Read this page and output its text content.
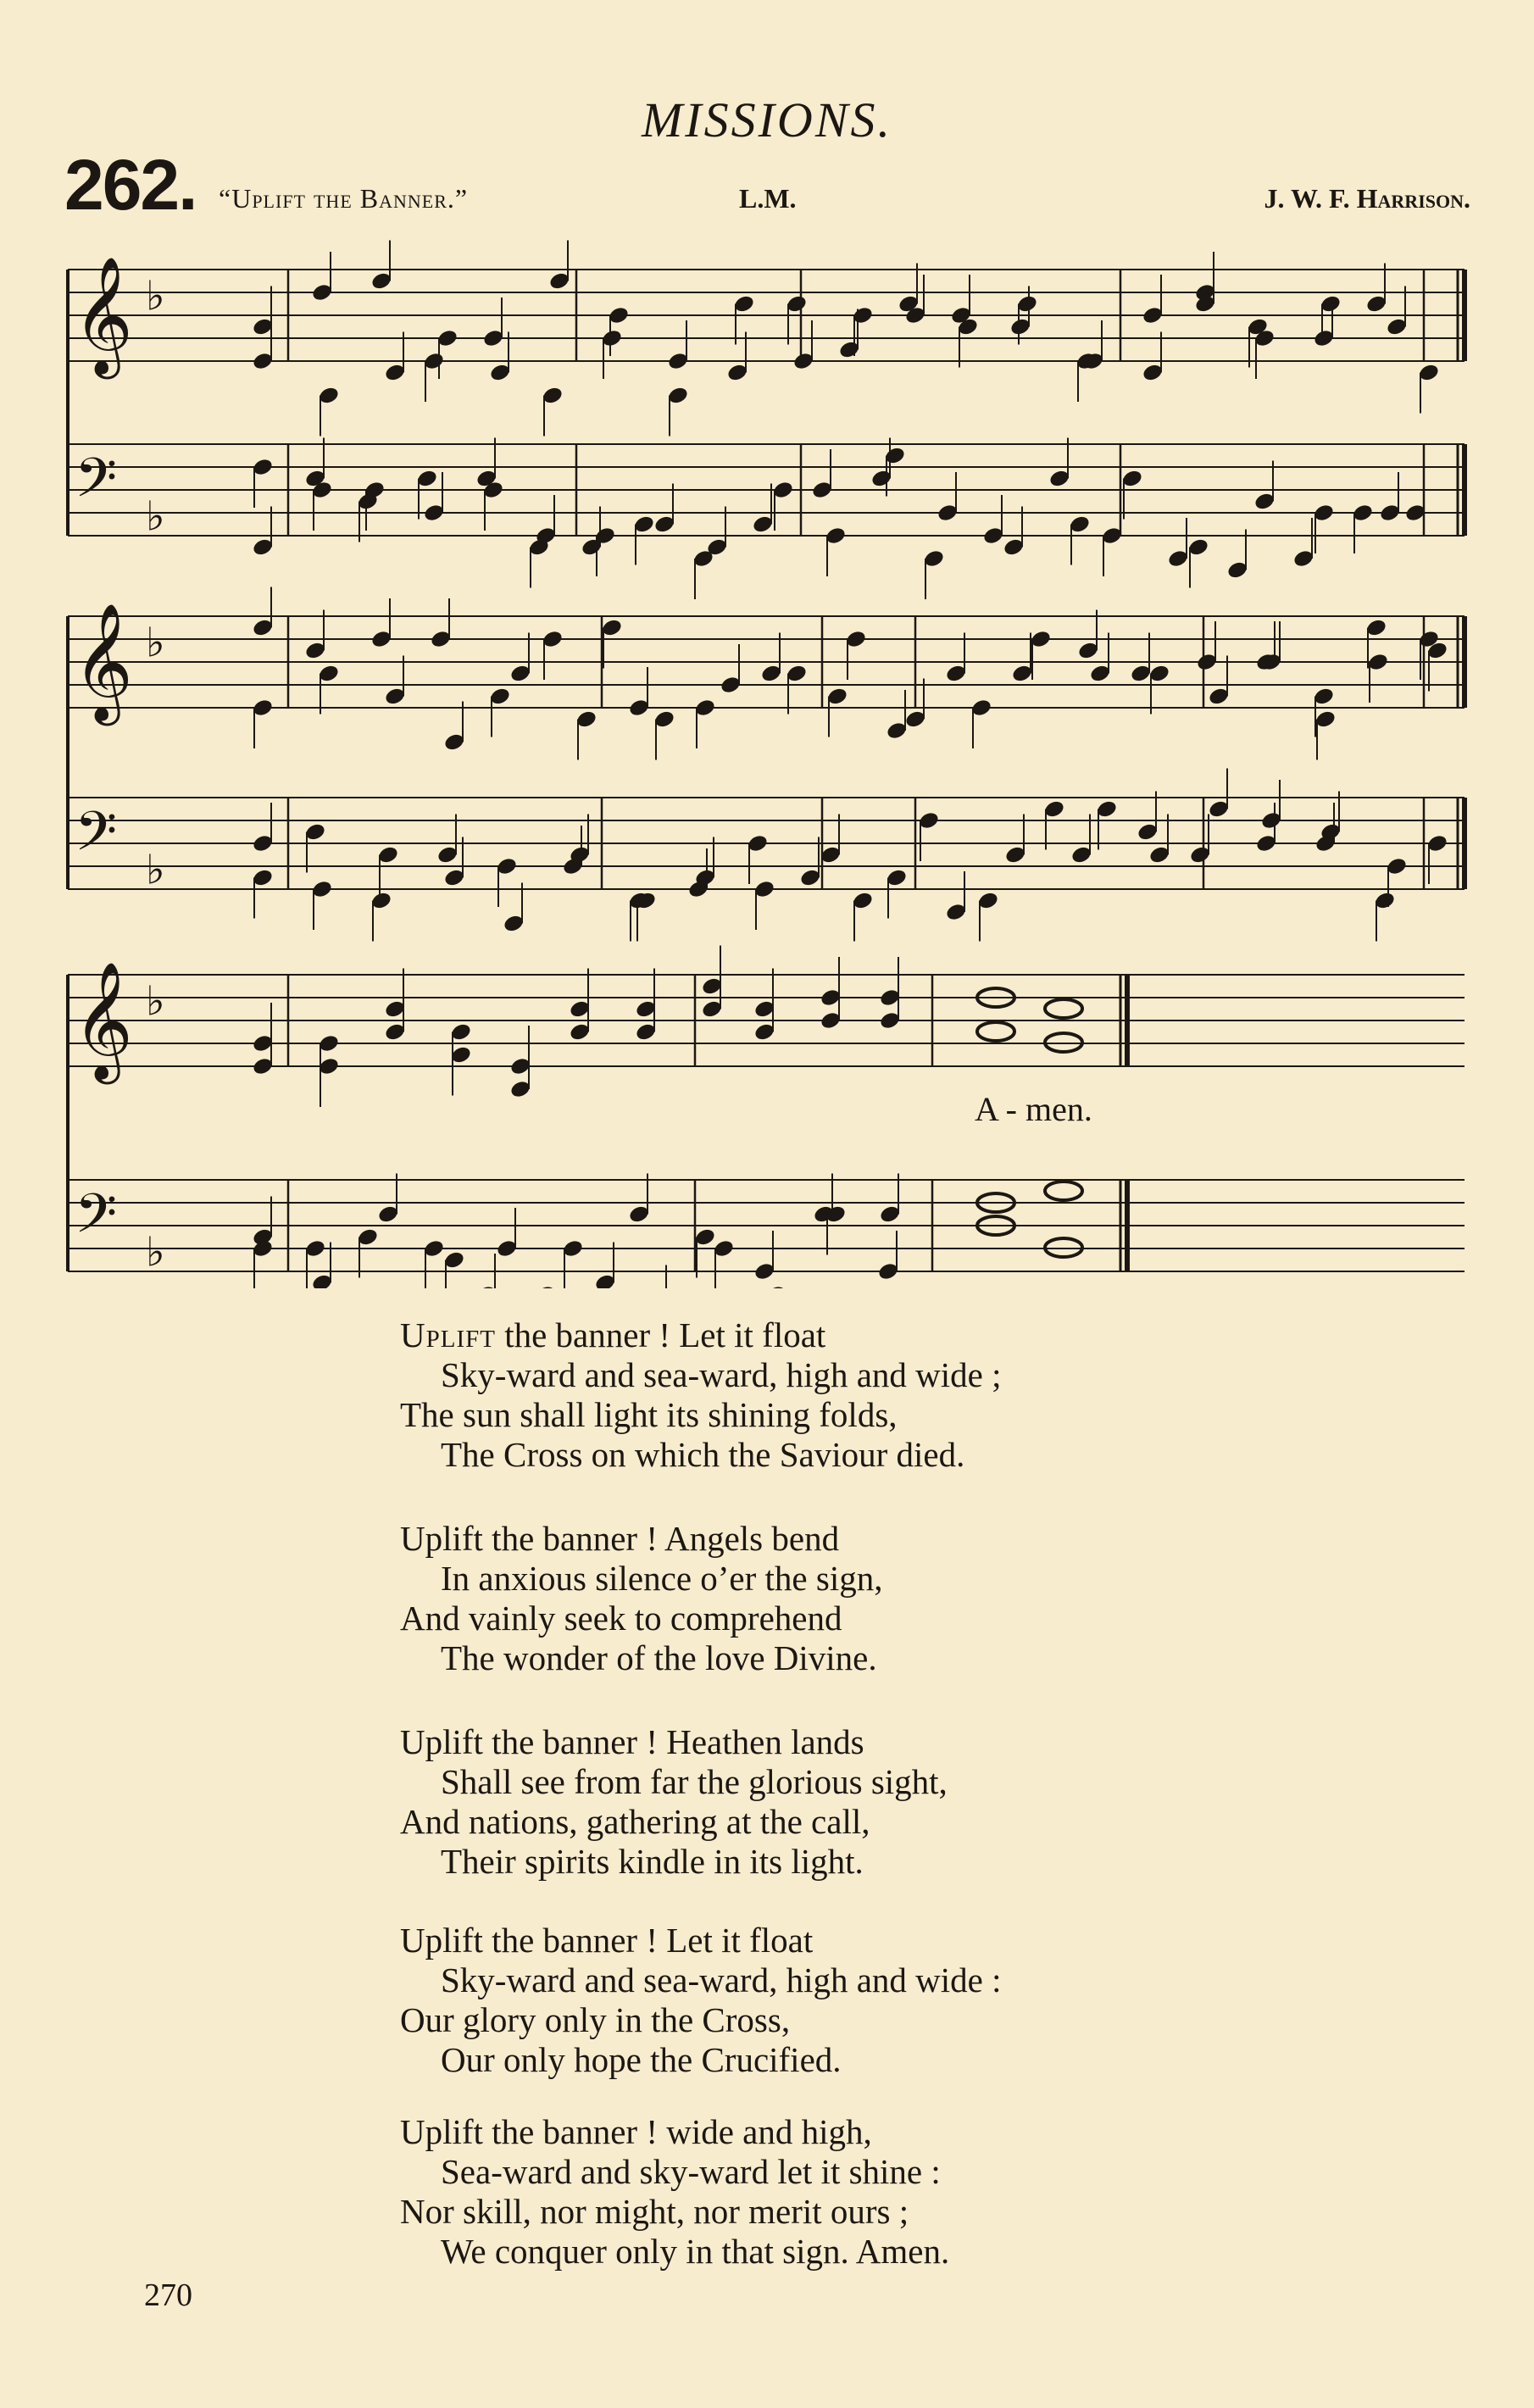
MISSIONS.
262. “Uplift the Banner.”	L.M.	J. W. F. Harrison.
𝄞
𝄢
♭
♭
𝄞
𝄢
♭
♭
𝄞
𝄢
♭
♭
A - men.
Uplift the banner ! Let it float
Sky-ward and sea-ward, high and wide ;
The sun shall light its shining folds,
The Cross on which the Saviour died.
Uplift the banner ! Angels bend
In anxious silence o’er the sign,
And vainly seek to comprehend
The wonder of the love Divine.
Uplift the banner ! Heathen lands
Shall see from far the glorious sight,
And nations, gathering at the call,
Their spirits kindle in its light.
Uplift the banner ! Let it float
Sky-ward and sea-ward, high and wide :
Our glory only in the Cross,
Our only hope the Crucified.
Uplift the banner ! wide and high,
Sea-ward and sky-ward let it shine :
Nor skill, nor might, nor merit ours ;
We conquer only in that sign. Amen.
270
